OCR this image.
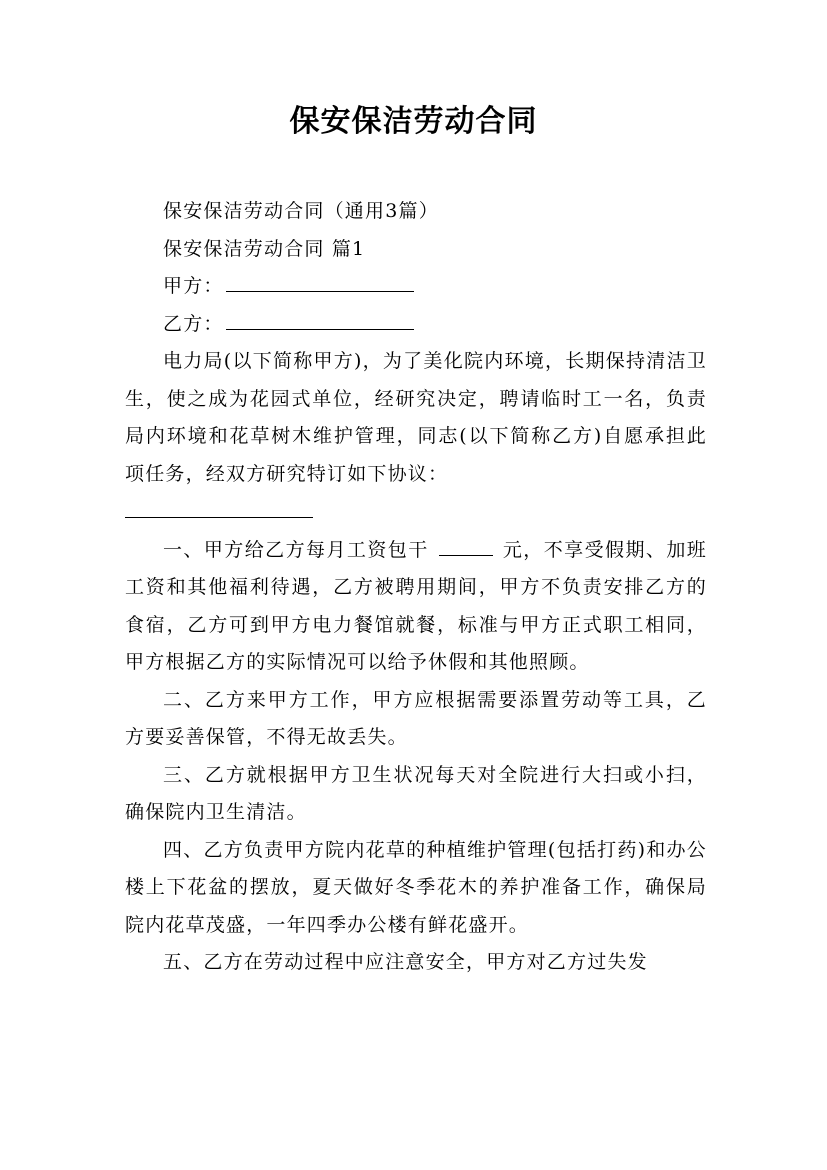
保安保洁劳动合同

保安保洁劳动合同（通用3篇）

保安保洁劳动合同 篇1

甲方：

乙方：

电力局(以下简称甲方)，为了美化院内环境，长期保持清洁卫生，使之成为花园式单位，经研究决定，聘请临时工一名，负责局内环境和花草树木维护管理，同志(以下简称乙方)自愿承担此项任务，经双方研究特订如下协议：

一、甲方给乙方每月工资包干	元，不享受假期、加班工资和其他福利待遇，乙方被聘用期间，甲方不负责安排乙方的食宿，乙方可到甲方电力餐馆就餐，标准与甲方正式职工相同，甲方根据乙方的实际情况可以给予休假和其他照顾。

二、乙方来甲方工作，甲方应根据需要添置劳动等工具，乙方要妥善保管，不得无故丢失。

三、乙方就根据甲方卫生状况每天对全院进行大扫或小扫，确保院内卫生清洁。

四、乙方负责甲方院内花草的种植维护管理(包括打药)和办公楼上下花盆的摆放，夏天做好冬季花木的养护准备工作，确保局院内花草茂盛，一年四季办公楼有鲜花盛开。

五、乙方在劳动过程中应注意安全，甲方对乙方过失发
